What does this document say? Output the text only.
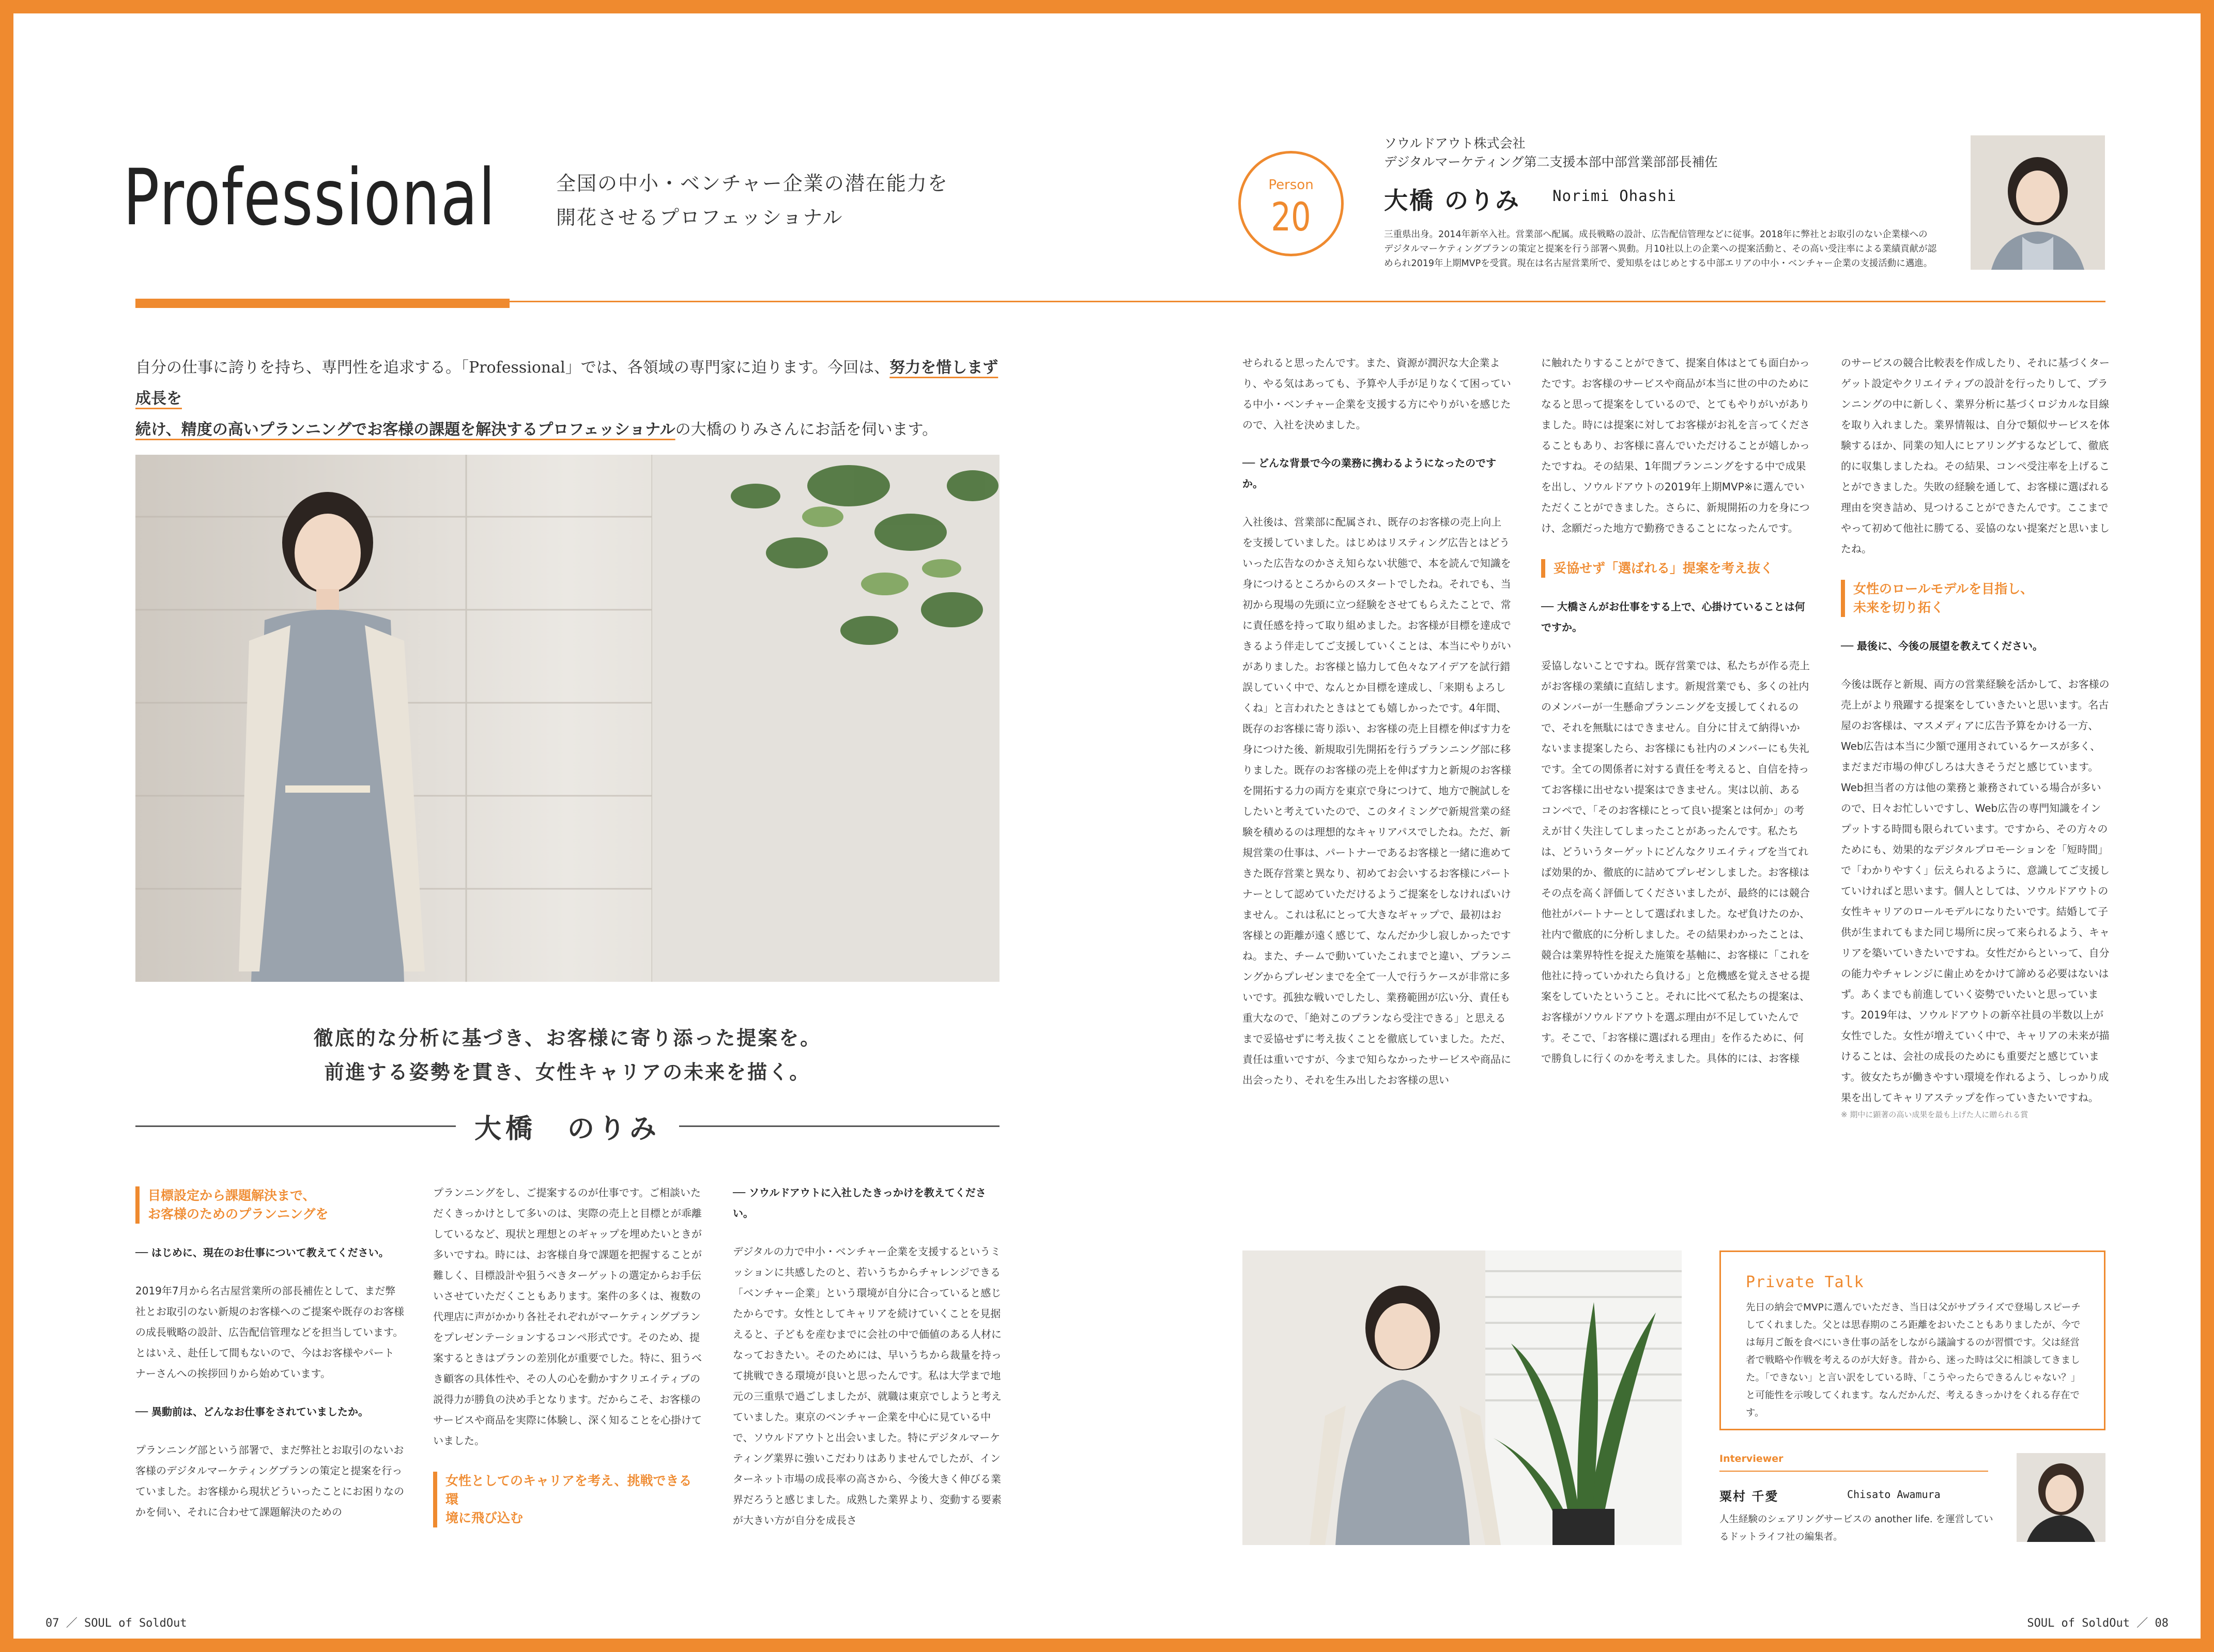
Professional	全国の中小・ベンチャー企業の潜在能力を
開花させるプロフェッショナル
Person
20
ソウルドアウト株式会社
デジタルマーケティング第二支援本部中部営業部部長補佐
大橋 のりみ Norimi Ohashi
三重県出身。2014年新卒入社。営業部へ配属。成長戦略の設計、広告配信管理などに従事。2018年に弊社とお取引のない企業様への
デジタルマーケティングプランの策定と提案を行う部署へ異動。月10社以上の企業への提案活動と、その高い受注率による業績貢献が認
められ2019年上期MVPを受賞。現在は名古屋営業所で、愛知県をはじめとする中部エリアの中小・ベンチャー企業の支援活動に邁進。
自分の仕事に誇りを持ち、専門性を追求する。「Professional」では、各領域の専門家に迫ります。今回は、努力を惜しまず成長を
続け、精度の高いプランニングでお客様の課題を解決するプロフェッショナルの大橋のりみさんにお話を伺います。
徹底的な分析に基づき、お客様に寄り添った提案を。
前進する姿勢を貫き、女性キャリアの未来を描く。
大橋　のりみ
目標設定から課題解決まで、
お客様のためのプランニングを

── はじめに、現在のお仕事について教えてください。

2019年7月から名古屋営業所の部長補佐として、まだ弊社とお取引のない新規のお客様へのご提案や既存のお客様の成長戦略の設計、広告配信管理などを担当しています。とはいえ、赴任して間もないので、今はお客様やパートナーさんへの挨拶回りから始めています。

── 異動前は、どんなお仕事をされていましたか。

プランニング部という部署で、まだ弊社とお取引のないお客様のデジタルマーケティングプランの策定と提案を行っていました。お客様から現状どういったことにお困りなのかを伺い、それに合わせて課題解決のための

プランニングをし、ご提案するのが仕事です。ご相談いただくきっかけとして多いのは、実際の売上と目標とが乖離しているなど、現状と理想とのギャップを埋めたいときが多いですね。時には、お客様自身で課題を把握することが難しく、目標設計や狙うべきターゲットの選定からお手伝いさせていただくこともあります。案件の多くは、複数の代理店に声がかかり各社それぞれがマーケティングプランをプレゼンテーションするコンペ形式です。そのため、提案するときはプランの差別化が重要でした。特に、狙うべき顧客の具体性や、その人の心を動かすクリエイティブの説得力が勝負の決め手となります。だからこそ、お客様のサービスや商品を実際に体験し、深く知ることを心掛けていました。

女性としてのキャリアを考え、挑戦できる環
境に飛び込む

── ソウルドアウトに入社したきっかけを教えてください。

デジタルの力で中小・ベンチャー企業を支援するというミッションに共感したのと、若いうちからチャレンジできる「ベンチャー企業」という環境が自分に合っていると感じたからです。女性としてキャリアを続けていくことを見据えると、子どもを産むまでに会社の中で価値のある人材になっておきたい。そのためには、早いうちから裁量を持って挑戦できる環境が良いと思ったんです。私は大学まで地元の三重県で過ごしましたが、就職は東京でしようと考えていました。東京のベンチャー企業を中心に見ている中で、ソウルドアウトと出会いました。特にデジタルマーケティング業界に強いこだわりはありませんでしたが、インターネット市場の成長率の高さから、今後大きく伸びる業界だろうと感じました。成熟した業界より、変動する要素が大きい方が自分を成長さ

せられると思ったんです。また、資源が潤沢な大企業より、やる気はあっても、予算や人手が足りなくて困っている中小・ベンチャー企業を支援する方にやりがいを感じたので、入社を決めました。

── どんな背景で今の業務に携わるようになったのですか。

入社後は、営業部に配属され、既存のお客様の売上向上を支援していました。はじめはリスティング広告とはどういった広告なのかさえ知らない状態で、本を読んで知識を身につけるところからのスタートでしたね。それでも、当初から現場の先頭に立つ経験をさせてもらえたことで、常に責任感を持って取り組めました。お客様が目標を達成できるよう伴走してご支援していくことは、本当にやりがいがありました。お客様と協力して色々なアイデアを試行錯誤していく中で、なんとか目標を達成し、「来期もよろしくね」と言われたときはとても嬉しかったです。4年間、既存のお客様に寄り添い、お客様の売上目標を伸ばす力を身につけた後、新規取引先開拓を行うプランニング部に移りました。既存のお客様の売上を伸ばす力と新規のお客様を開拓する力の両方を東京で身につけて、地方で腕試しをしたいと考えていたので、このタイミングで新規営業の経験を積めるのは理想的なキャリアパスでしたね。ただ、新規営業の仕事は、パートナーであるお客様と一緒に進めてきた既存営業と異なり、初めてお会いするお客様にパートナーとして認めていただけるようご提案をしなければいけません。これは私にとって大きなギャップで、最初はお客様との距離が遠く感じて、なんだか少し寂しかったですね。また、チームで動いていたこれまでと違い、プランニングからプレゼンまでを全て一人で行うケースが非常に多いです。孤独な戦いでしたし、業務範囲が広い分、責任も重大なので、「絶対このプランなら受注できる」と思えるまで妥協せずに考え抜くことを徹底していました。ただ、責任は重いですが、今まで知らなかったサービスや商品に出会ったり、それを生み出したお客様の思い

に触れたりすることができて、提案自体はとても面白かったです。お客様のサービスや商品が本当に世の中のためになると思って提案をしているので、とてもやりがいがありました。時には提案に対してお客様がお礼を言ってくださることもあり、お客様に喜んでいただけることが嬉しかったですね。その結果、1年間プランニングをする中で成果を出し、ソウルドアウトの2019年上期MVP※に選んでいただくことができました。さらに、新規開拓の力を身につけ、念願だった地方で勤務できることになったんです。

妥協せず「選ばれる」提案を考え抜く

── 大橋さんがお仕事をする上で、心掛けていることは何ですか。

妥協しないことですね。既存営業では、私たちが作る売上がお客様の業績に直結します。新規営業でも、多くの社内のメンバーが一生懸命プランニングを支援してくれるので、それを無駄にはできません。自分に甘えて納得いかないまま提案したら、お客様にも社内のメンバーにも失礼です。全ての関係者に対する責任を考えると、自信を持ってお客様に出せない提案はできません。実は以前、あるコンペで、「そのお客様にとって良い提案とは何か」の考えが甘く失注してしまったことがあったんです。私たちは、どういうターゲットにどんなクリエイティブを当てれば効果的か、徹底的に詰めてプレゼンしました。お客様はその点を高く評価してくださいましたが、最終的には競合他社がパートナーとして選ばれました。なぜ負けたのか、社内で徹底的に分析しました。その結果わかったことは、競合は業界特性を捉えた施策を基軸に、お客様に「これを他社に持っていかれたら負ける」と危機感を覚えさせる提案をしていたということ。それに比べて私たちの提案は、お客様がソウルドアウトを選ぶ理由が不足していたんです。そこで、「お客様に選ばれる理由」を作るために、何で勝負しに行くのかを考えました。具体的には、お客様

のサービスの競合比較表を作成したり、それに基づくターゲット設定やクリエイティブの設計を行ったりして、プランニングの中に新しく、業界分析に基づくロジカルな目線を取り入れました。業界情報は、自分で類似サービスを体験するほか、同業の知人にヒアリングするなどして、徹底的に収集しましたね。その結果、コンペ受注率を上げることができました。失敗の経験を通して、お客様に選ばれる理由を突き詰め、見つけることができたんです。ここまでやって初めて他社に勝てる、妥協のない提案だと思いましたね。

女性のロールモデルを目指し、
未来を切り拓く

── 最後に、今後の展望を教えてください。

今後は既存と新規、両方の営業経験を活かして、お客様の売上がより飛躍する提案をしていきたいと思います。名古屋のお客様は、マスメディアに広告予算をかける一方、Web広告は本当に少額で運用されているケースが多く、まだまだ市場の伸びしろは大きそうだと感じています。Web担当者の方は他の業務と兼務されている場合が多いので、日々お忙しいですし、Web広告の専門知識をインプットする時間も限られています。ですから、その方々のためにも、効果的なデジタルプロモーションを「短時間」で「わかりやすく」伝えられるように、意識してご支援していければと思います。個人としては、ソウルドアウトの女性キャリアのロールモデルになりたいです。結婚して子供が生まれてもまた同じ場所に戻って来られるよう、キャリアを築いていきたいですね。女性だからといって、自分の能力やチャレンジに歯止めをかけて諦める必要はないはず。あくまでも前進していく姿勢でいたいと思っています。2019年は、ソウルドアウトの新卒社員の半数以上が女性でした。女性が増えていく中で、キャリアの未来が描けることは、会社の成長のためにも重要だと感じています。彼女たちが働きやすい環境を作れるよう、しっかり成果を出してキャリアステップを作っていきたいですね。

※ 期中に顕著の高い成果を最も上げた人に贈られる賞

Private Talk
先日の納会でMVPに選んでいただき、当日は父がサプライズで登場しスピーチしてくれました。父とは思春期のころ距離をおいたこともありましたが、今では毎月ご飯を食べにいき仕事の話をしながら議論するのが習慣です。父は経営者で戦略や作戦を考えるのが大好き。昔から、迷った時は父に相談してきました。「できない」と言い訳をしている時、「こうやったらできるんじゃない？」と可能性を示唆してくれます。なんだかんだ、考えるきっかけをくれる存在です。
Interviewer
粟村 千愛	Chisato Awamura
人生経験のシェアリングサービスの another life. を運営しているドットライフ社の編集者。
07 ／ SOUL of SoldOut	SOUL of SoldOut ／ 08
